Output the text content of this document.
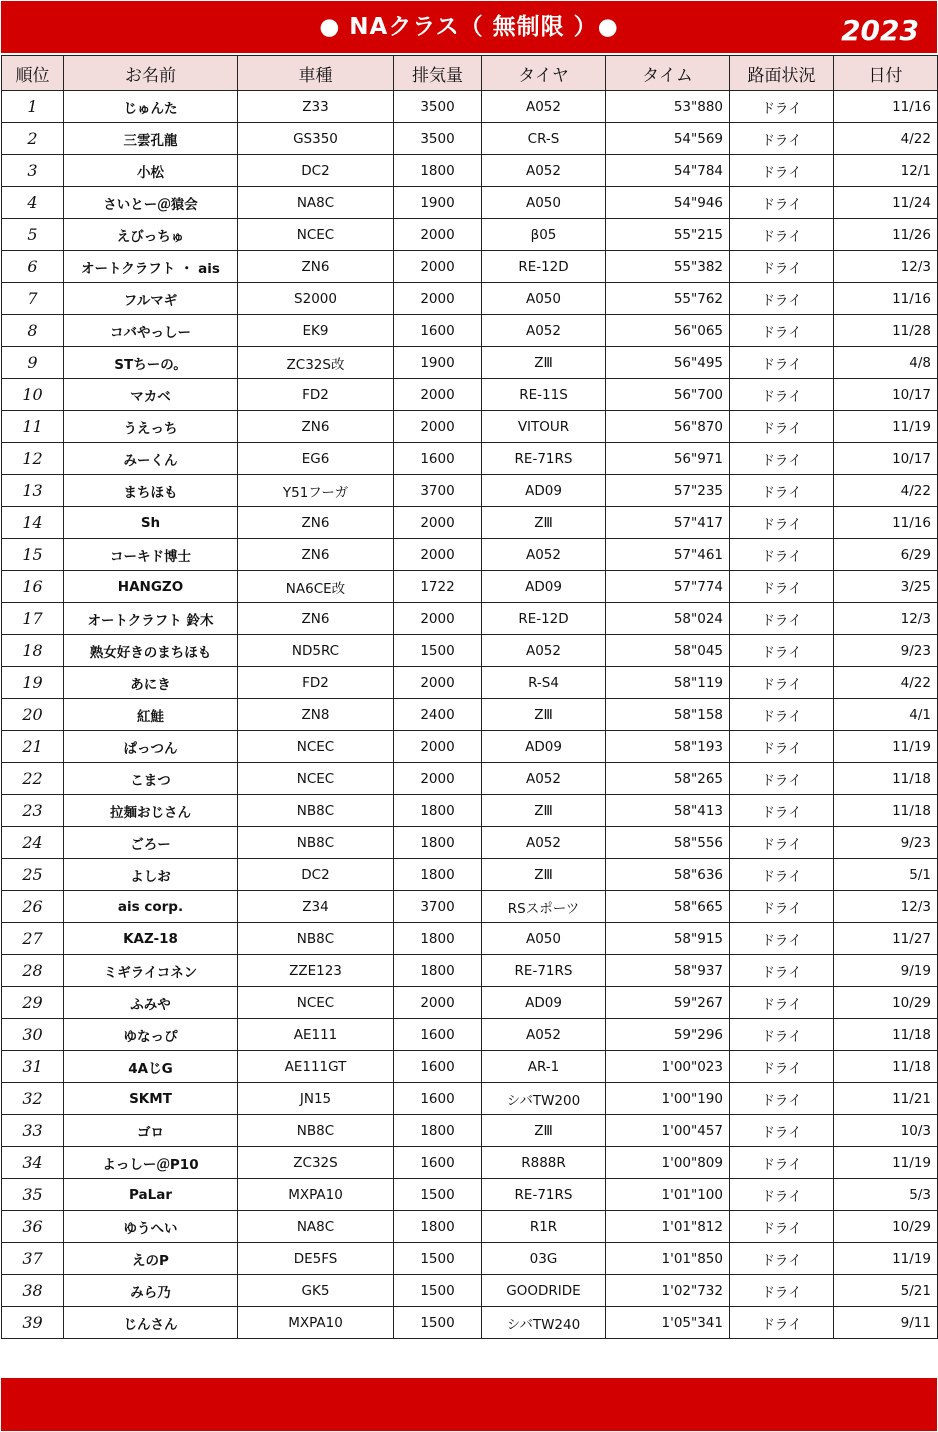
● NAクラス（ 無制限 ）●	2023
順位	お名前	車種	排気量	タイヤ	タイム	路面状況	日付
1	じゅんた	Z33	3500	A052	53"880	ドライ	11/16
2	三雲孔龍	GS350	3500	CR-S	54"569	ドライ	4/22
3	小松	DC2	1800	A052	54"784	ドライ	12/1
4	さいとー＠猿会	NA8C	1900	A050	54"946	ドライ	11/24
5	えびっちゅ	NCEC	2000	β05	55"215	ドライ	11/26
6	オートクラフト ・ ais	ZN6	2000	RE-12D	55"382	ドライ	12/3
7	フルマギ	S2000	2000	A050	55"762	ドライ	11/16
8	コバやっしー	EK9	1600	A052	56"065	ドライ	11/28
9	STちーの。	ZC32S改	1900	ZⅢ	56"495	ドライ	4/8
10	マカベ	FD2	2000	RE-11S	56"700	ドライ	10/17
11	うえっち	ZN6	2000	VITOUR	56"870	ドライ	11/19
12	みーくん	EG6	1600	RE-71RS	56"971	ドライ	10/17
13	まちほも	Y51フーガ	3700	AD09	57"235	ドライ	4/22
14	Sh	ZN6	2000	ZⅢ	57"417	ドライ	11/16
15	コーキド博士	ZN6	2000	A052	57"461	ドライ	6/29
16	HANGZO	NA6CE改	1722	AD09	57"774	ドライ	3/25
17	オートクラフト 鈴木	ZN6	2000	RE-12D	58"024	ドライ	12/3
18	熟女好きのまちほも	ND5RC	1500	A052	58"045	ドライ	9/23
19	あにき	FD2	2000	R-S4	58"119	ドライ	4/22
20	紅鮭	ZN8	2400	ZⅢ	58"158	ドライ	4/1
21	ぱっつん	NCEC	2000	AD09	58"193	ドライ	11/19
22	こまつ	NCEC	2000	A052	58"265	ドライ	11/18
23	拉麺おじさん	NB8C	1800	ZⅢ	58"413	ドライ	11/18
24	ごろー	NB8C	1800	A052	58"556	ドライ	9/23
25	よしお	DC2	1800	ZⅢ	58"636	ドライ	5/1
26	ais corp.	Z34	3700	RSスポーツ	58"665	ドライ	12/3
27	KAZ-18	NB8C	1800	A050	58"915	ドライ	11/27
28	ミギライコネン	ZZE123	1800	RE-71RS	58"937	ドライ	9/19
29	ふみや	NCEC	2000	AD09	59"267	ドライ	10/29
30	ゆなっぴ	AE111	1600	A052	59"296	ドライ	11/18
31	4AじG	AE111GT	1600	AR-1	1'00"023	ドライ	11/18
32	SKMT	JN15	1600	シバTW200	1'00"190	ドライ	11/21
33	ゴロ	NB8C	1800	ZⅢ	1'00"457	ドライ	10/3
34	よっしー＠P10	ZC32S	1600	R888R	1'00"809	ドライ	11/19
35	PaLar	MXPA10	1500	RE-71RS	1'01"100	ドライ	5/3
36	ゆうへい	NA8C	1800	R1R	1'01"812	ドライ	10/29
37	えのP	DE5FS	1500	03G	1'01"850	ドライ	11/19
38	みら乃	GK5	1500	GOODRIDE	1'02"732	ドライ	5/21
39	じんさん	MXPA10	1500	シバTW240	1'05"341	ドライ	9/11
